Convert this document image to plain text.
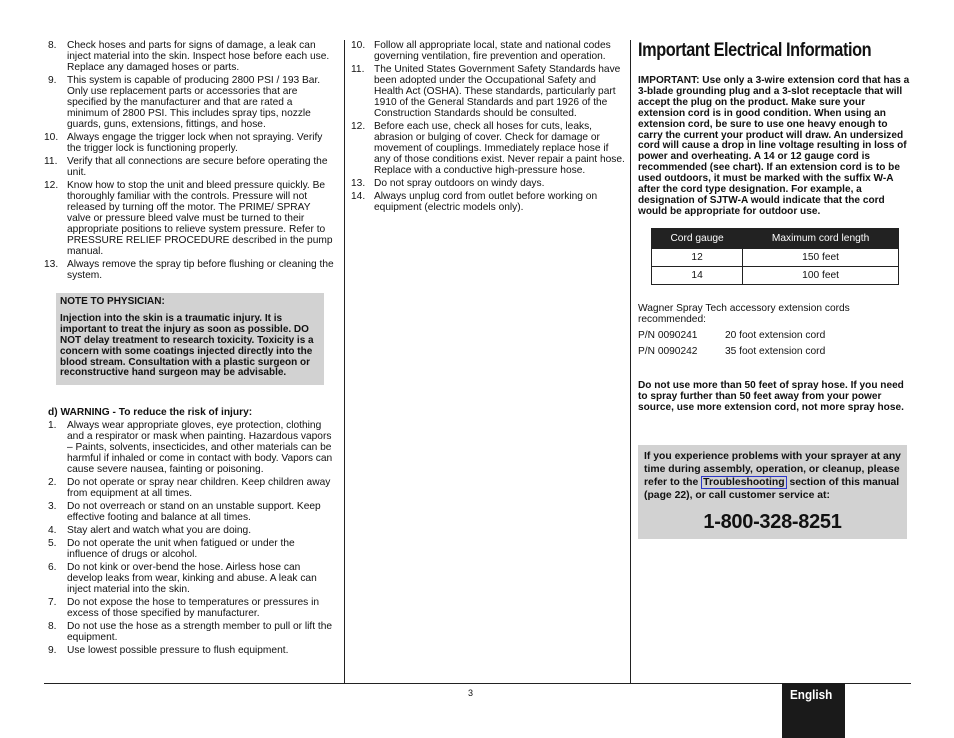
8. Check hoses and parts for signs of damage, a leak can inject material into the skin. Inspect hose before each use. Replace any damaged hoses or parts.
9. This system is capable of producing 2800 PSI / 193 Bar. Only use replacement parts or accessories that are specified by the manufacturer and that are rated a minimum of 2800 PSI. This includes spray tips, nozzle guards, guns, extensions, fittings, and hose.
10. Always engage the trigger lock when not spraying. Verify the trigger lock is functioning properly.
11. Verify that all connections are secure before operating the unit.
12. Know how to stop the unit and bleed pressure quickly. Be thoroughly familiar with the controls. Pressure will not released by turning off the motor. The PRIME/ SPRAY valve or pressure bleed valve must be turned to their appropriate positions to relieve system pressure. Refer to PRESSURE RELIEF PROCEDURE described in the pump manual.
13. Always remove the spray tip before flushing or cleaning the system.
NOTE TO PHYSICIAN:
Injection into the skin is a traumatic injury. It is important to treat the injury as soon as possible. DO NOT delay treatment to research toxicity. Toxicity is a concern with some coatings injected directly into the blood stream. Consultation with a plastic surgeon or reconstructive hand surgeon may be advisable.
d) WARNING - To reduce the risk of injury:
1. Always wear appropriate gloves, eye protection, clothing and a respirator or mask when painting. Hazardous vapors – Paints, solvents, insecticides, and other materials can be harmful if inhaled or come in contact with body. Vapors can cause severe nausea, fainting or poisoning.
2. Do not operate or spray near children. Keep children away from equipment at all times.
3. Do not overreach or stand on an unstable support. Keep effective footing and balance at all times.
4. Stay alert and watch what you are doing.
5. Do not operate the unit when fatigued or under the influence of drugs or alcohol.
6. Do not kink or over-bend the hose. Airless hose can develop leaks from wear, kinking and abuse. A leak can inject material into the skin.
7. Do not expose the hose to temperatures or pressures in excess of those specified by manufacturer.
8. Do not use the hose as a strength member to pull or lift the equipment.
9. Use lowest possible pressure to flush equipment.
10. Follow all appropriate local, state and national codes governing ventilation, fire prevention and operation.
11. The United States Government Safety Standards have been adopted under the Occupational Safety and Health Act (OSHA). These standards, particularly part 1910 of the General Standards and part 1926 of the Construction Standards should be consulted.
12. Before each use, check all hoses for cuts, leaks, abrasion or bulging of cover. Check for damage or movement of couplings. Immediately replace hose if any of those conditions exist. Never repair a paint hose. Replace with a conductive high-pressure hose.
13. Do not spray outdoors on windy days.
14. Always unplug cord from outlet before working on equipment (electric models only).
Important Electrical Information

IMPORTANT: Use only a 3-wire extension cord that has a 3-blade grounding plug and a 3-slot receptacle that will accept the plug on the product. Make sure your extension cord is in good condition. When using an extension cord, be sure to use one heavy enough to carry the current your product will draw. An undersized cord will cause a drop in line voltage resulting in loss of power and overheating. A 14 or 12 gauge cord is recommended (see chart). If an extension cord is to be used outdoors, it must be marked with the suffix W-A after the cord type designation. For example, a designation of SJTW-A would indicate that the cord would be appropriate for outdoor use.

Cord gauge	Maximum cord length
12	150 feet
14	100 feet
Wagner Spray Tech accessory extension cords recommended:
P/N 0090241	20 foot extension cord
P/N 0090242	35 foot extension cord
Do not use more than 50 feet of spray hose. If you need to spray further than 50 feet away from your power source, use more extension cord, not more spray hose.
If you experience problems with your sprayer at any time during assembly, operation, or cleanup, please refer to the Troubleshooting section of this manual (page 22), or call customer service at:
1-800-328-8251
3	English
